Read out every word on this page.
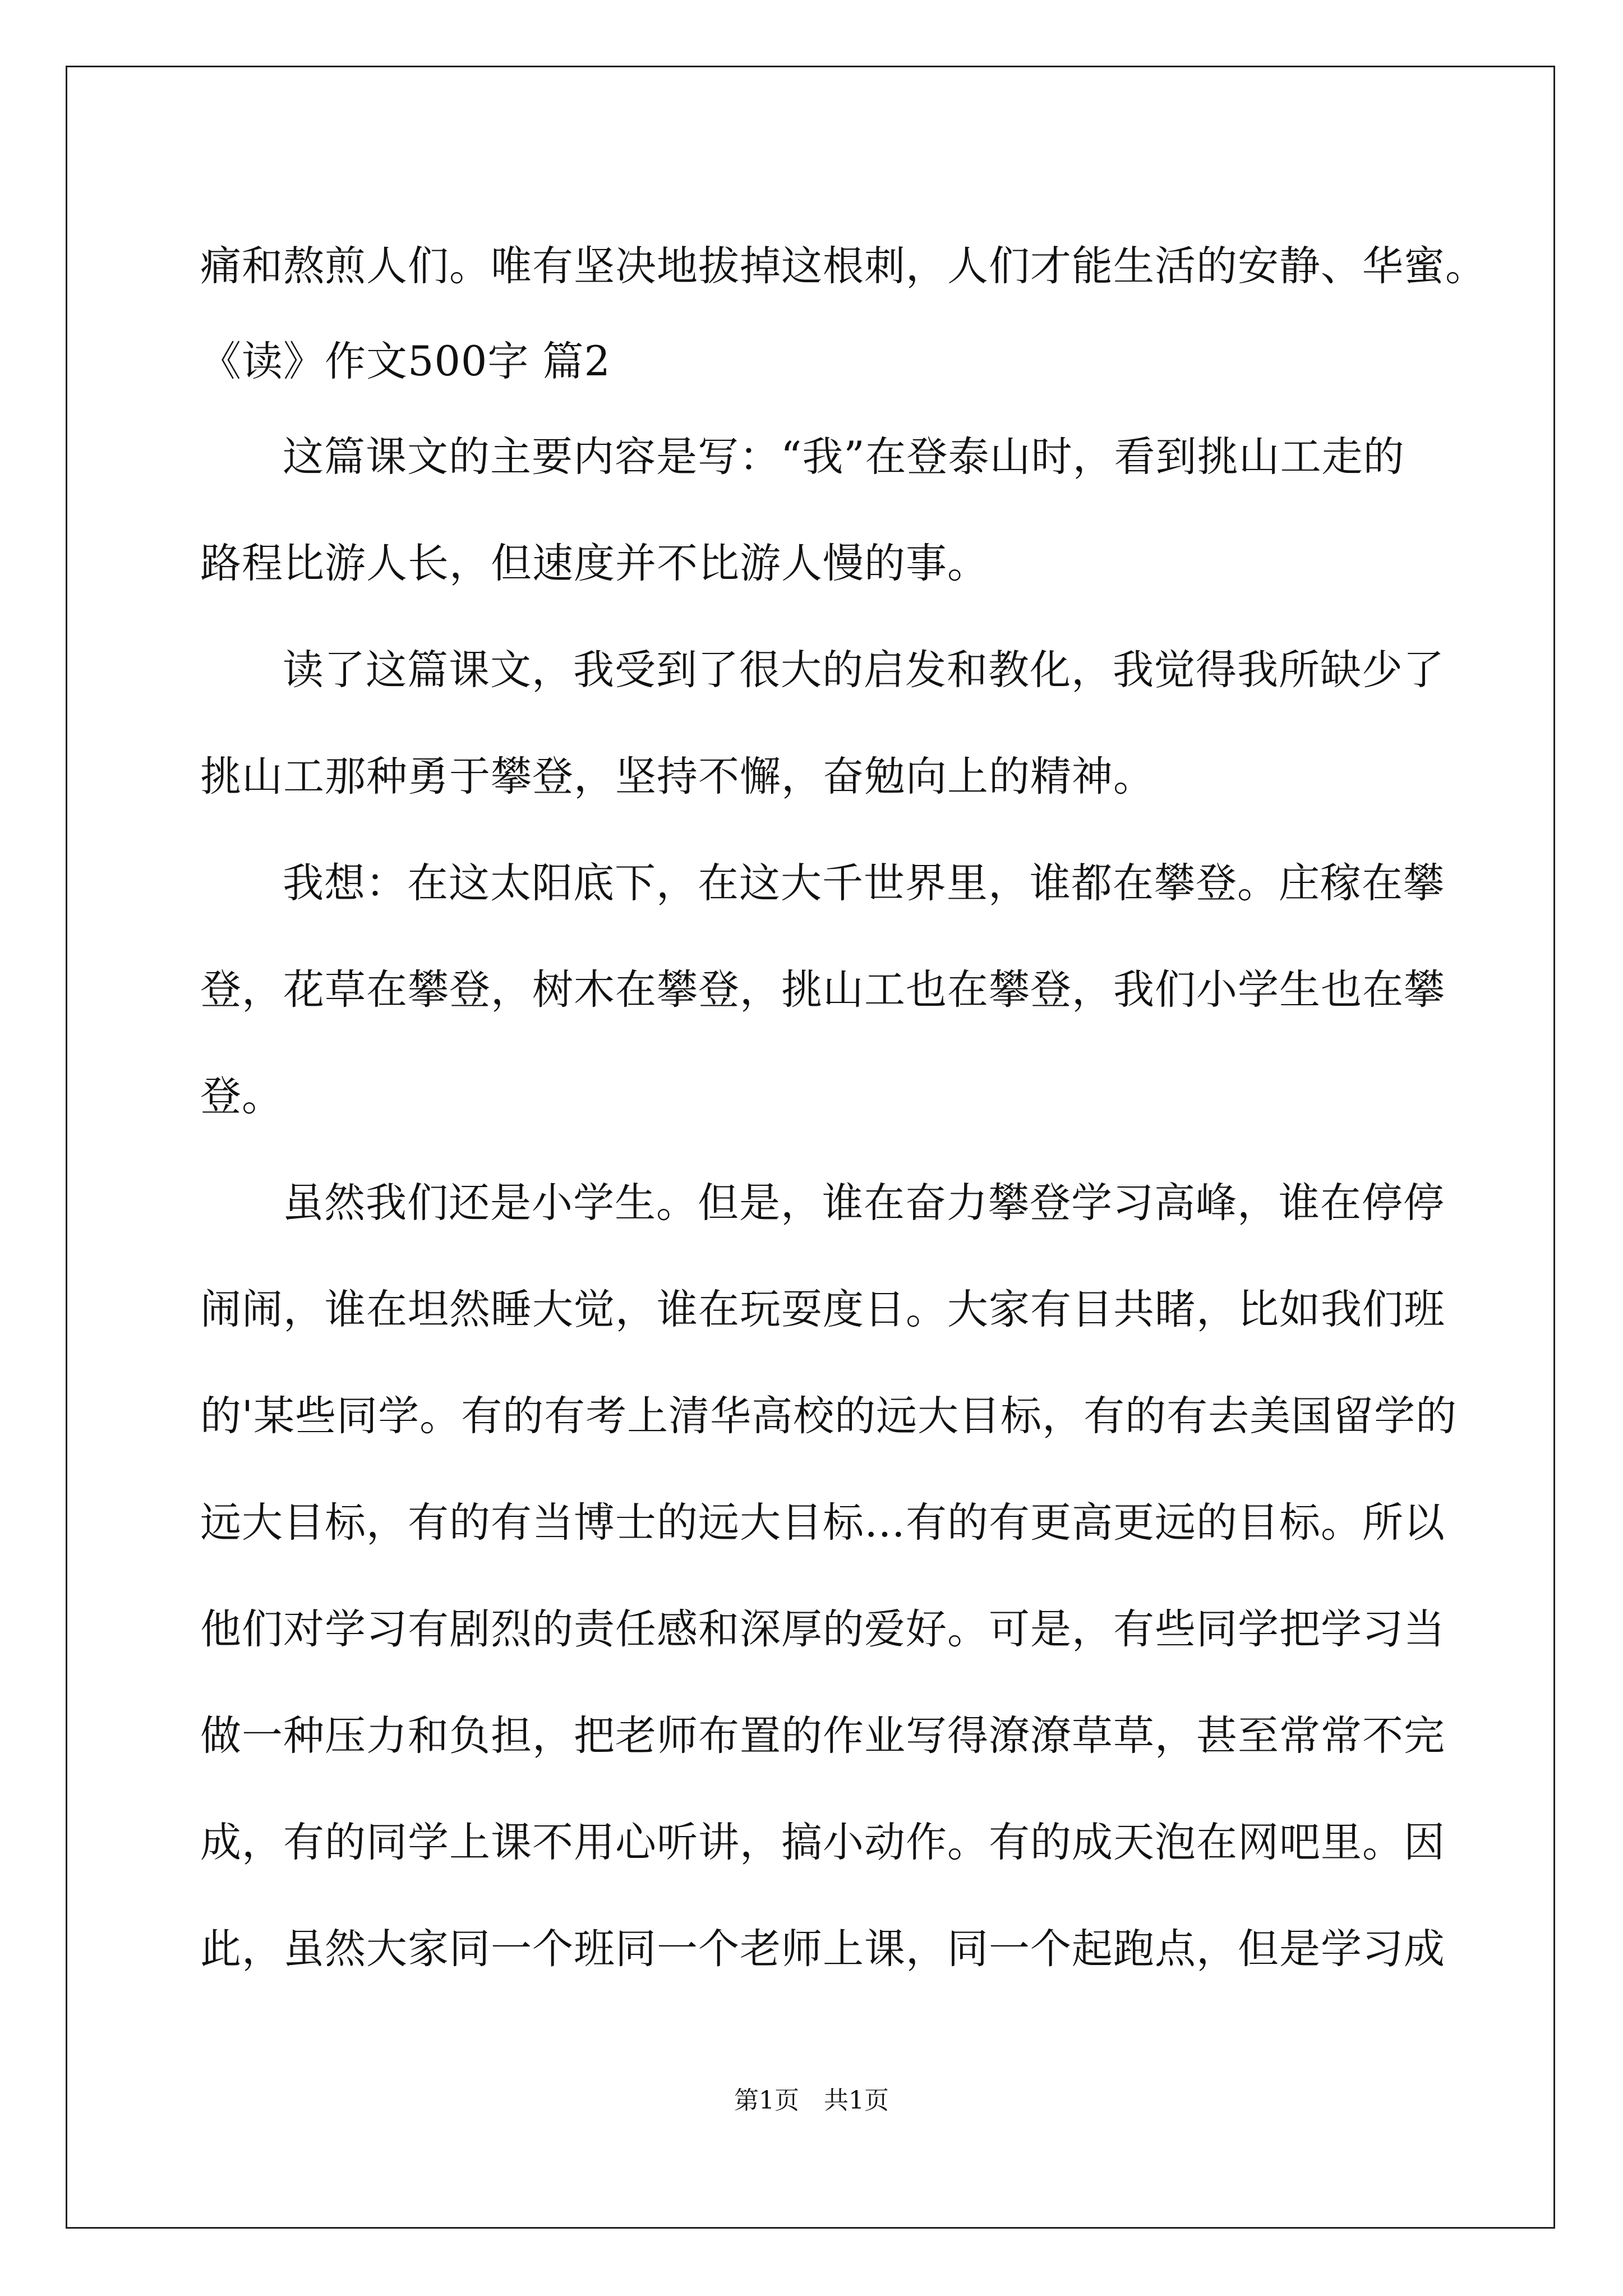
痛和熬煎人们。唯有坚决地拔掉这根刺，人们才能生活的安静、华蜜。
《读》作文500字 篇2
这篇课文的主要内容是写：“我”在登泰山时，看到挑山工走的
路程比游人长，但速度并不比游人慢的事。
读了这篇课文，我受到了很大的启发和教化，我觉得我所缺少了
挑山工那种勇于攀登，坚持不懈，奋勉向上的精神。
我想：在这太阳底下，在这大千世界里，谁都在攀登。庄稼在攀
登，花草在攀登，树木在攀登，挑山工也在攀登，我们小学生也在攀
登。
虽然我们还是小学生。但是，谁在奋力攀登学习高峰，谁在停停
闹闹，谁在坦然睡大觉，谁在玩耍度日。大家有目共睹，比如我们班
的'某些同学。有的有考上清华高校的远大目标，有的有去美国留学的
远大目标，有的有当博士的远大目标…有的有更高更远的目标。所以
他们对学习有剧烈的责任感和深厚的爱好。可是，有些同学把学习当
做一种压力和负担，把老师布置的作业写得潦潦草草，甚至常常不完
成，有的同学上课不用心听讲，搞小动作。有的成天泡在网吧里。因
此，虽然大家同一个班同一个老师上课，同一个起跑点，但是学习成
第1页　共1页
